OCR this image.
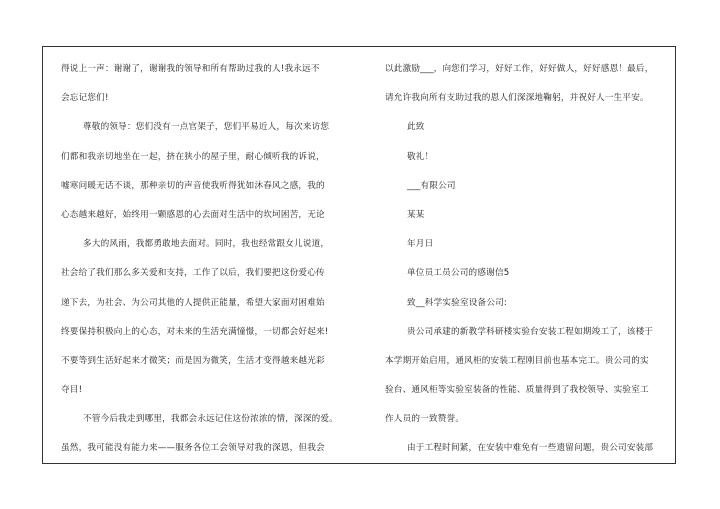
得说上一声：谢谢了，谢谢我的领导和所有帮助过我的人!我永远不
会忘记您们!
尊敬的领导：您们没有一点官架子，您们平易近人，每次来访您
们都和我亲切地坐在一起，挤在狭小的屋子里，耐心倾听我的诉说，
嘘寒问暖无话不谈，那种亲切的声音使我听得犹如沐春风之感，我的
心态越来越好，始终用一颗感恩的心去面对生活中的坎坷困苦，无论
多大的风雨，我都勇敢地去面对。同时，我也经常跟女儿说道，
社会给了我们那么多关爱和支持，工作了以后，我们要把这份爱心传
递下去，为社会、为公司其他的人提供正能量，希望大家面对困难始
终要保持积极向上的心态，对未来的生活充满憧憬，一切都会好起来!
不要等到生活好起来才微笑；而是因为微笑，生活才变得越来越光彩
夺目!
不管今后我走到哪里，我都会永远记住这份浓浓的情，深深的爱。
虽然，我可能没有能力来——服务各位工会领导对我的深恩，但我会
以此激励___，向您们学习，好好工作，好好做人，好好感恩！最后，
请允许我向所有支助过我的恩人们深深地鞠躬，并祝好人一生平安。
此致
敬礼！
___有限公司
某某
年月日
单位员工员公司的感谢信5
致__科学实验室设备公司:
贵公司承建的新教学科研楼实验台安装工程如期竣工了，该楼于
本学期开始启用，通风柜的安装工程刚目前也基本完工。贵公司的实
验台、通风柜等实验室装备的性能、质量得到了我校领导、实验室工
作人员的一致赞誉。
由于工程时间紧，在安装中难免有一些遗留问题，贵公司安装部
